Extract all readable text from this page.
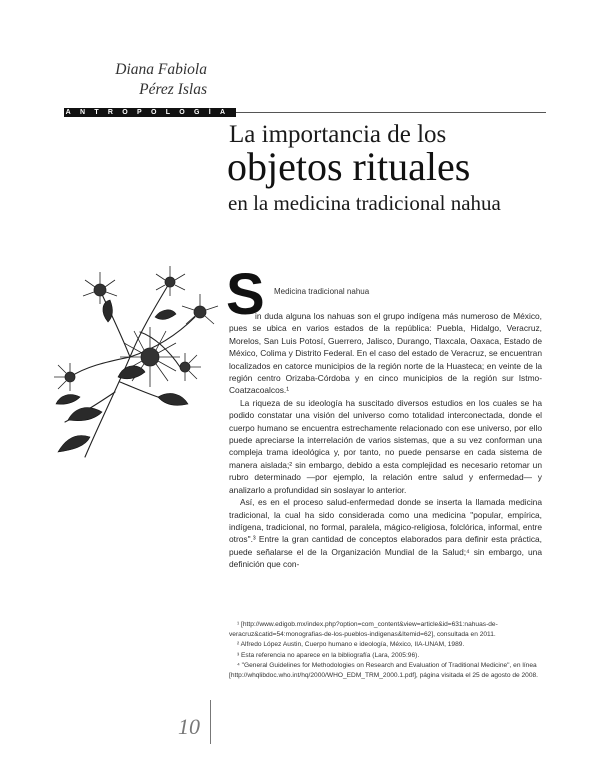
Diana Fabiola
Pérez Islas
ANTROPOLOGÍA
La importancia de los
objetos rituales
en la medicina tradicional nahua
S Medicina tradicional nahua

in duda alguna los nahuas son el grupo indígena más numeroso de México, pues se ubica en varios estados de la república: Puebla, Hidalgo, Veracruz, Morelos, San Luis Potosí, Guerrero, Jalisco, Durango, Tlaxcala, Oaxaca, Estado de México, Colima y Distrito Federal. En el caso del estado de Veracruz, se encuentran localizados en catorce municipios de la región norte de la Huasteca; en veinte de la región centro Orizaba-Córdoba y en cinco municipios de la región sur Istmo-Coatzacoalcos.¹

La riqueza de su ideología ha suscitado diversos estudios en los cuales se ha podido constatar una visión del universo como totalidad interconectada, donde el cuerpo humano se encuentra estrechamente relacionado con ese universo, por ello puede apreciarse la interrelación de varios sistemas, que a su vez conforman una compleja trama ideológica y, por tanto, no puede pensarse en cada sistema de manera aislada;² sin embargo, debido a esta complejidad es necesario retomar un rubro determinado —por ejemplo, la relación entre salud y enfermedad— y analizarlo a profundidad sin soslayar lo anterior.

Así, es en el proceso salud-enfermedad donde se inserta la llamada medicina tradicional, la cual ha sido considerada como una medicina "popular, empírica, indígena, tradicional, no formal, paralela, mágico-religiosa, folclórica, informal, entre otros".³ Entre la gran cantidad de conceptos elaborados para definir esta práctica, puede señalarse el de la Organización Mundial de la Salud;⁴ sin embargo, una definición que con-

¹ [http://www.edigob.mx/index.php?option=com_content&view=article&id=631:nahuas-de-veracruz&catid=54:monografias-de-los-pueblos-indigenas&Itemid=62], consultada en 2011.

² Alfredo López Austin, Cuerpo humano e ideología, México, IIA-UNAM, 1989.

³ Esta referencia no aparece en la bibliografía (Lara, 2005:96).

⁴ "General Guidelines for Methodologies on Research and Evaluation of Traditional Medicine", en línea [http://whqlibdoc.who.int/hq/2000/WHO_EDM_TRM_2000.1.pdf], página visitada el 25 de agosto de 2008.

10
